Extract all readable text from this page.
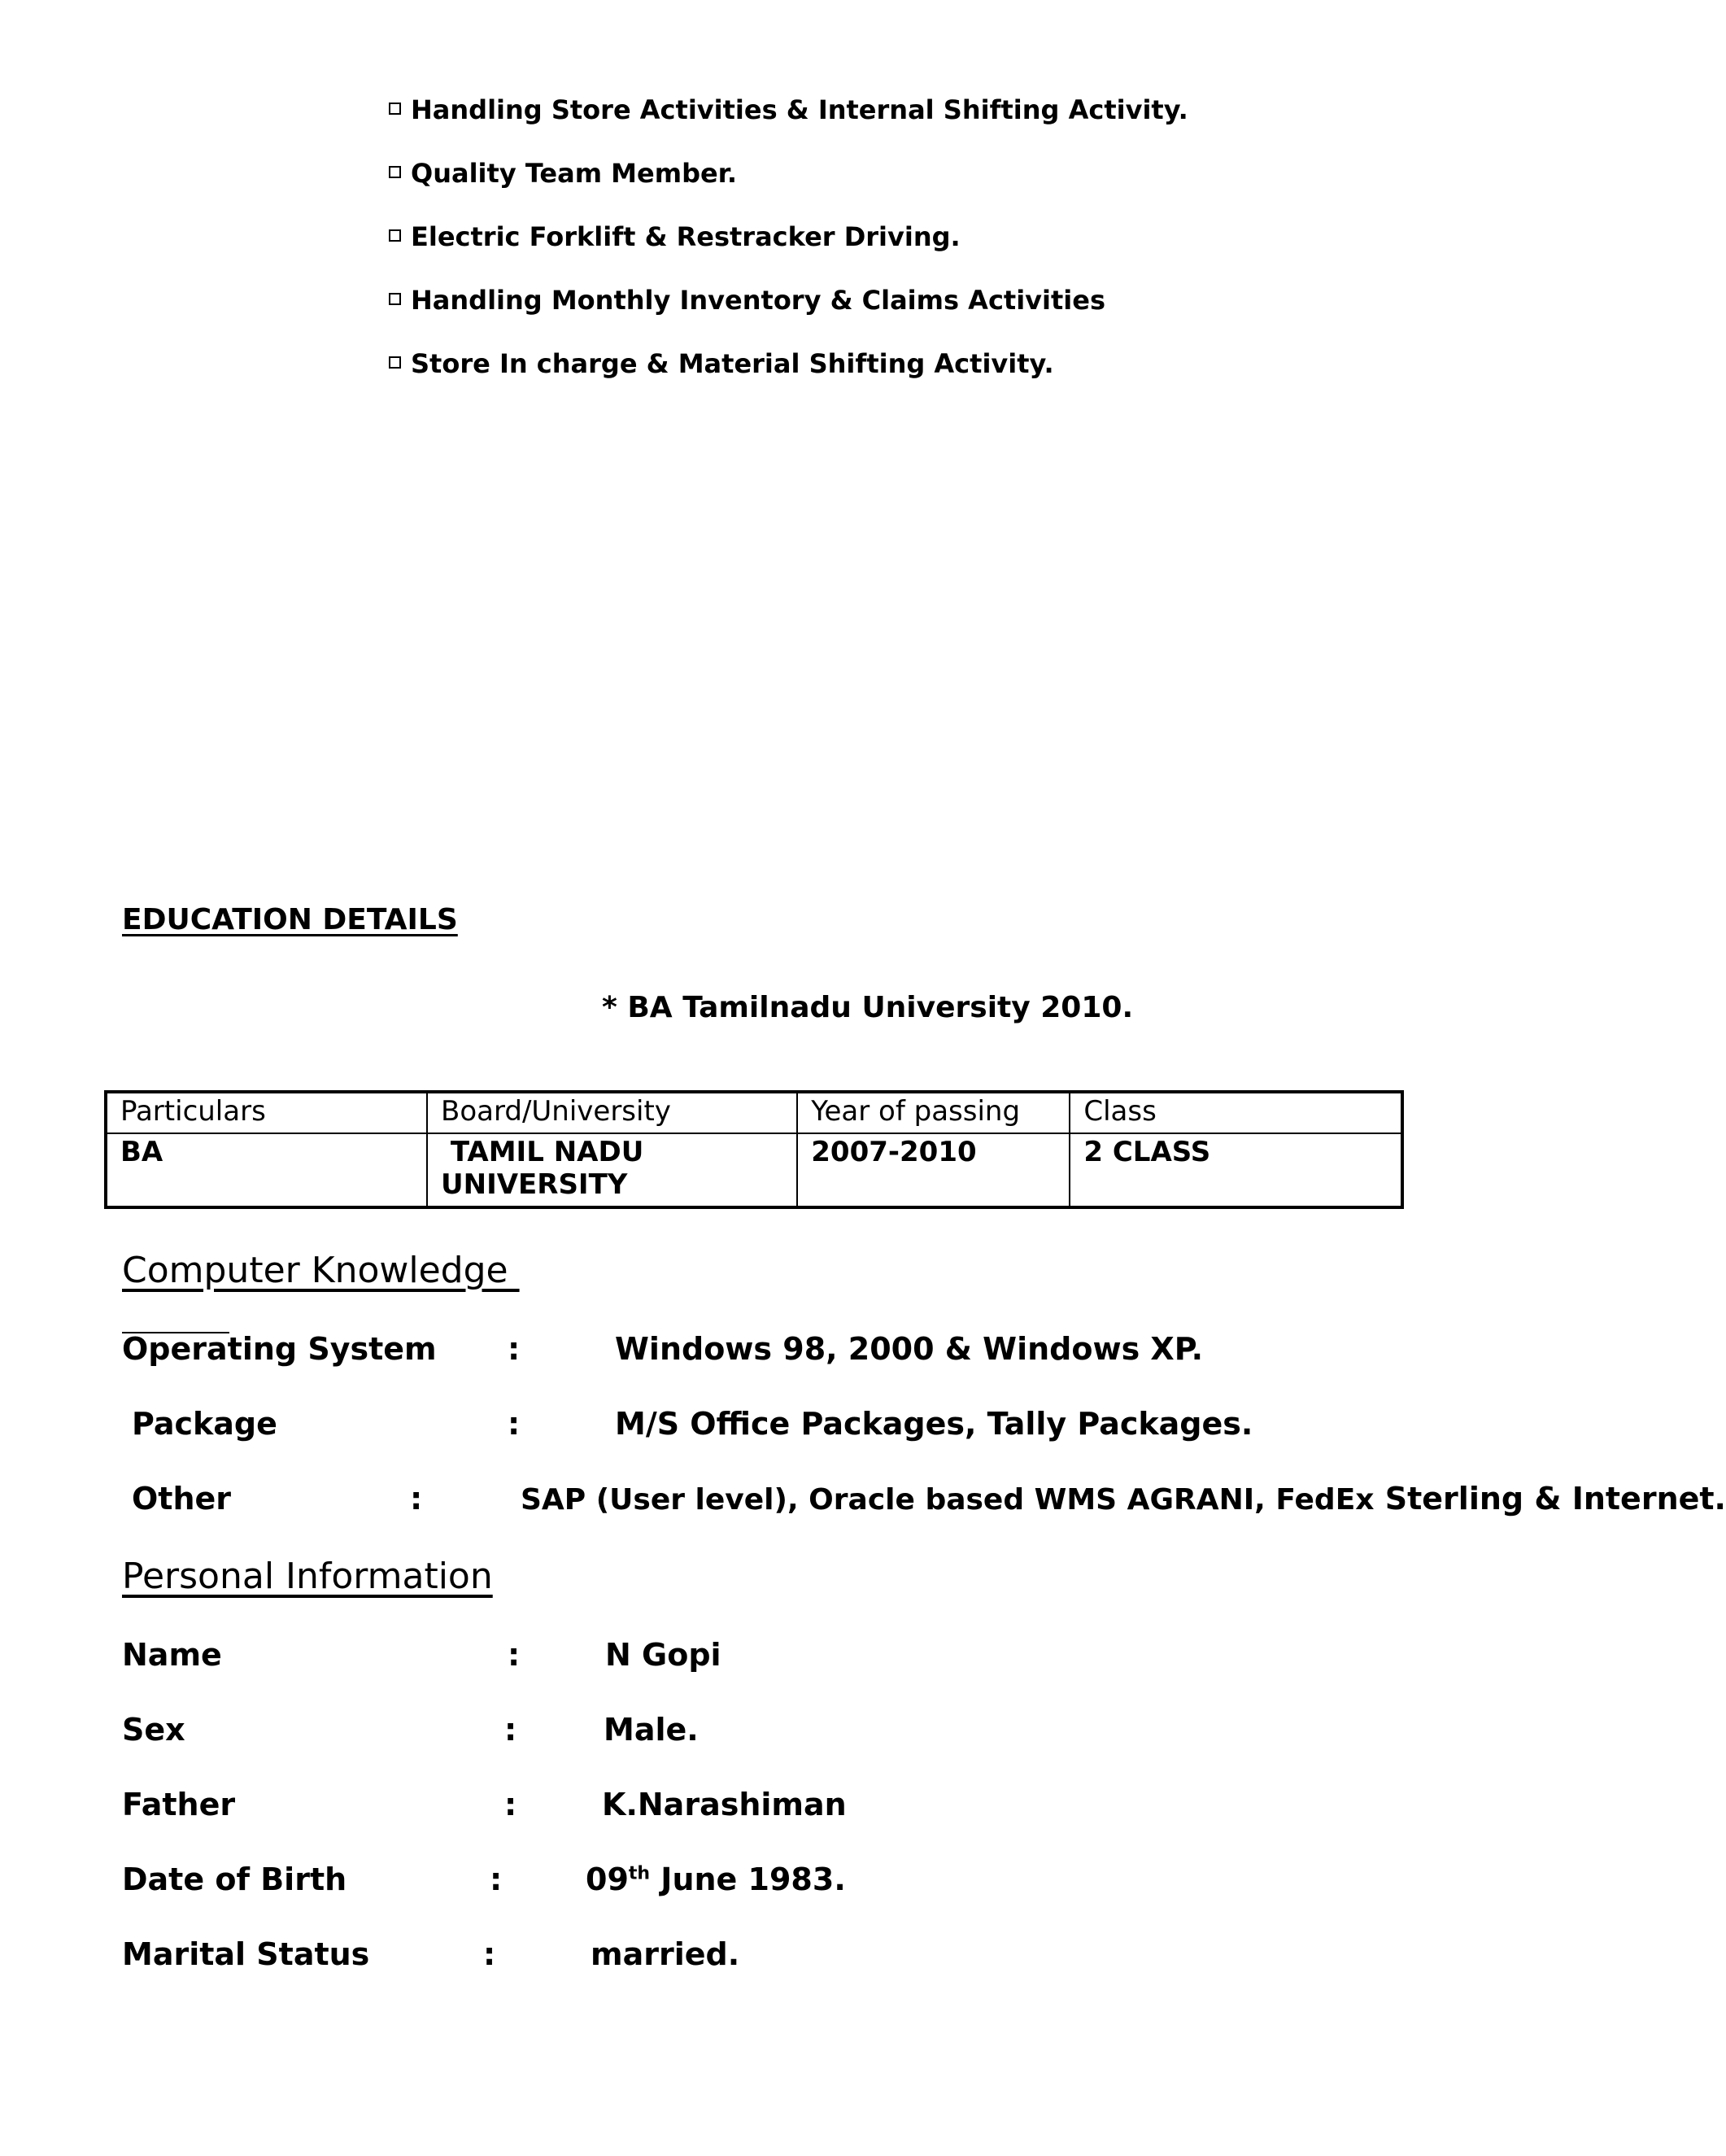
Handling Store Activities & Internal Shifting Activity.
Quality Team Member.
Electric Forklift & Restracker Driving.
Handling Monthly Inventory & Claims Activities
Store In charge & Material Shifting Activity.
EDUCATION DETAILS
* BA Tamilnadu University 2010.
Particulars	Board/University	Year of passing	Class
BA	TAMIL NADU UNIVERSITY	2007-2010	2 CLASS
Computer Knowledge
Operating System :	Windows 98, 2000 & Windows XP.
Package	:	M/S Office Packages, Tally Packages.
Other	:	SAP (User level), Oracle based WMS AGRANI, FedEx Sterling & Internet.
Personal Information
Name	:	N Gopi
Sex	:	Male.
Father	:	K.Narashiman
Date of Birth	:	09th June 1983.
Marital Status	:	married.
